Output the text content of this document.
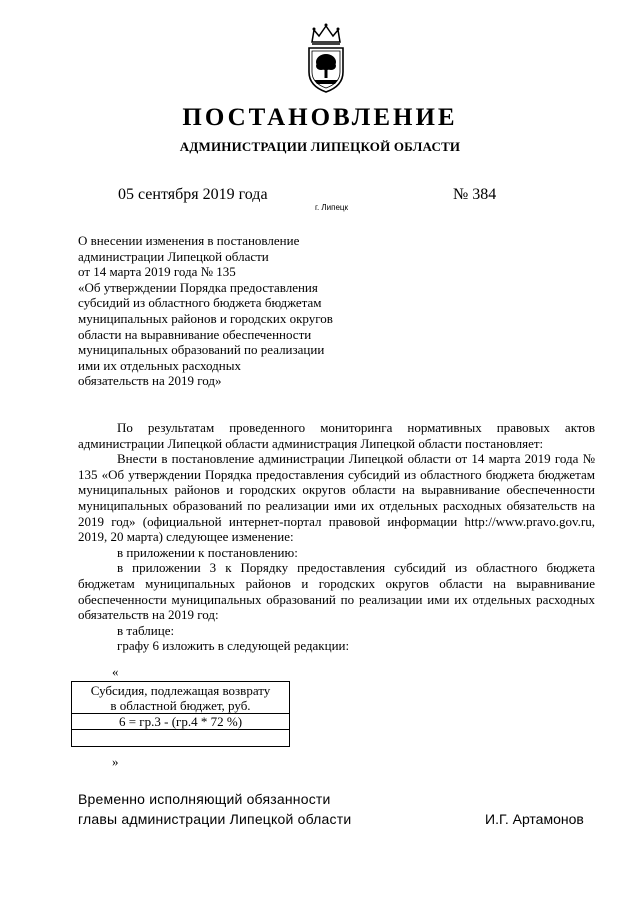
ПОСТАНОВЛЕНИЕ
АДМИНИСТРАЦИИ ЛИПЕЦКОЙ ОБЛАСТИ
05 сентября 2019 года
г. Липецк
№ 384
О внесении изменения в постановление
администрации Липецкой области
от 14 марта 2019 года № 135
«Об утверждении Порядка предоставления
субсидий из областного бюджета бюджетам
муниципальных районов и городских округов
области на выравнивание обеспеченности
муниципальных образований по реализации
ими их отдельных расходных
обязательств на 2019 год»

По результатам проведенного мониторинга нормативных правовых актов администрации Липецкой области администрация Липецкой области постановляет:

Внести в постановление администрации Липецкой области от 14 марта 2019 года № 135 «Об утверждении Порядка предоставления субсидий из областного бюджета бюджетам муниципальных районов и городских округов области на выравнивание обеспеченности муниципальных образований по реализации ими их отдельных расходных обязательств на 2019 год» (официальной интернет-портал правовой информации http://www.pravo.gov.ru, 2019, 20 марта) следующее изменение:

в приложении к постановлению:

в приложении 3 к Порядку предоставления субсидий из областного бюджета бюджетам муниципальных районов и городских округов области на выравнивание обеспеченности муниципальных образований по реализации ими их отдельных расходных обязательств на 2019 год:

в таблице:

графу 6 изложить в следующей редакции:

«
Субсидия, подлежащая возврату
в областной бюджет, руб.

6 = гр.3 - (гр.4 * 72 %)

»
Временно исполняющий обязанности
главы администрации Липецкой области	И.Г. Артамонов
